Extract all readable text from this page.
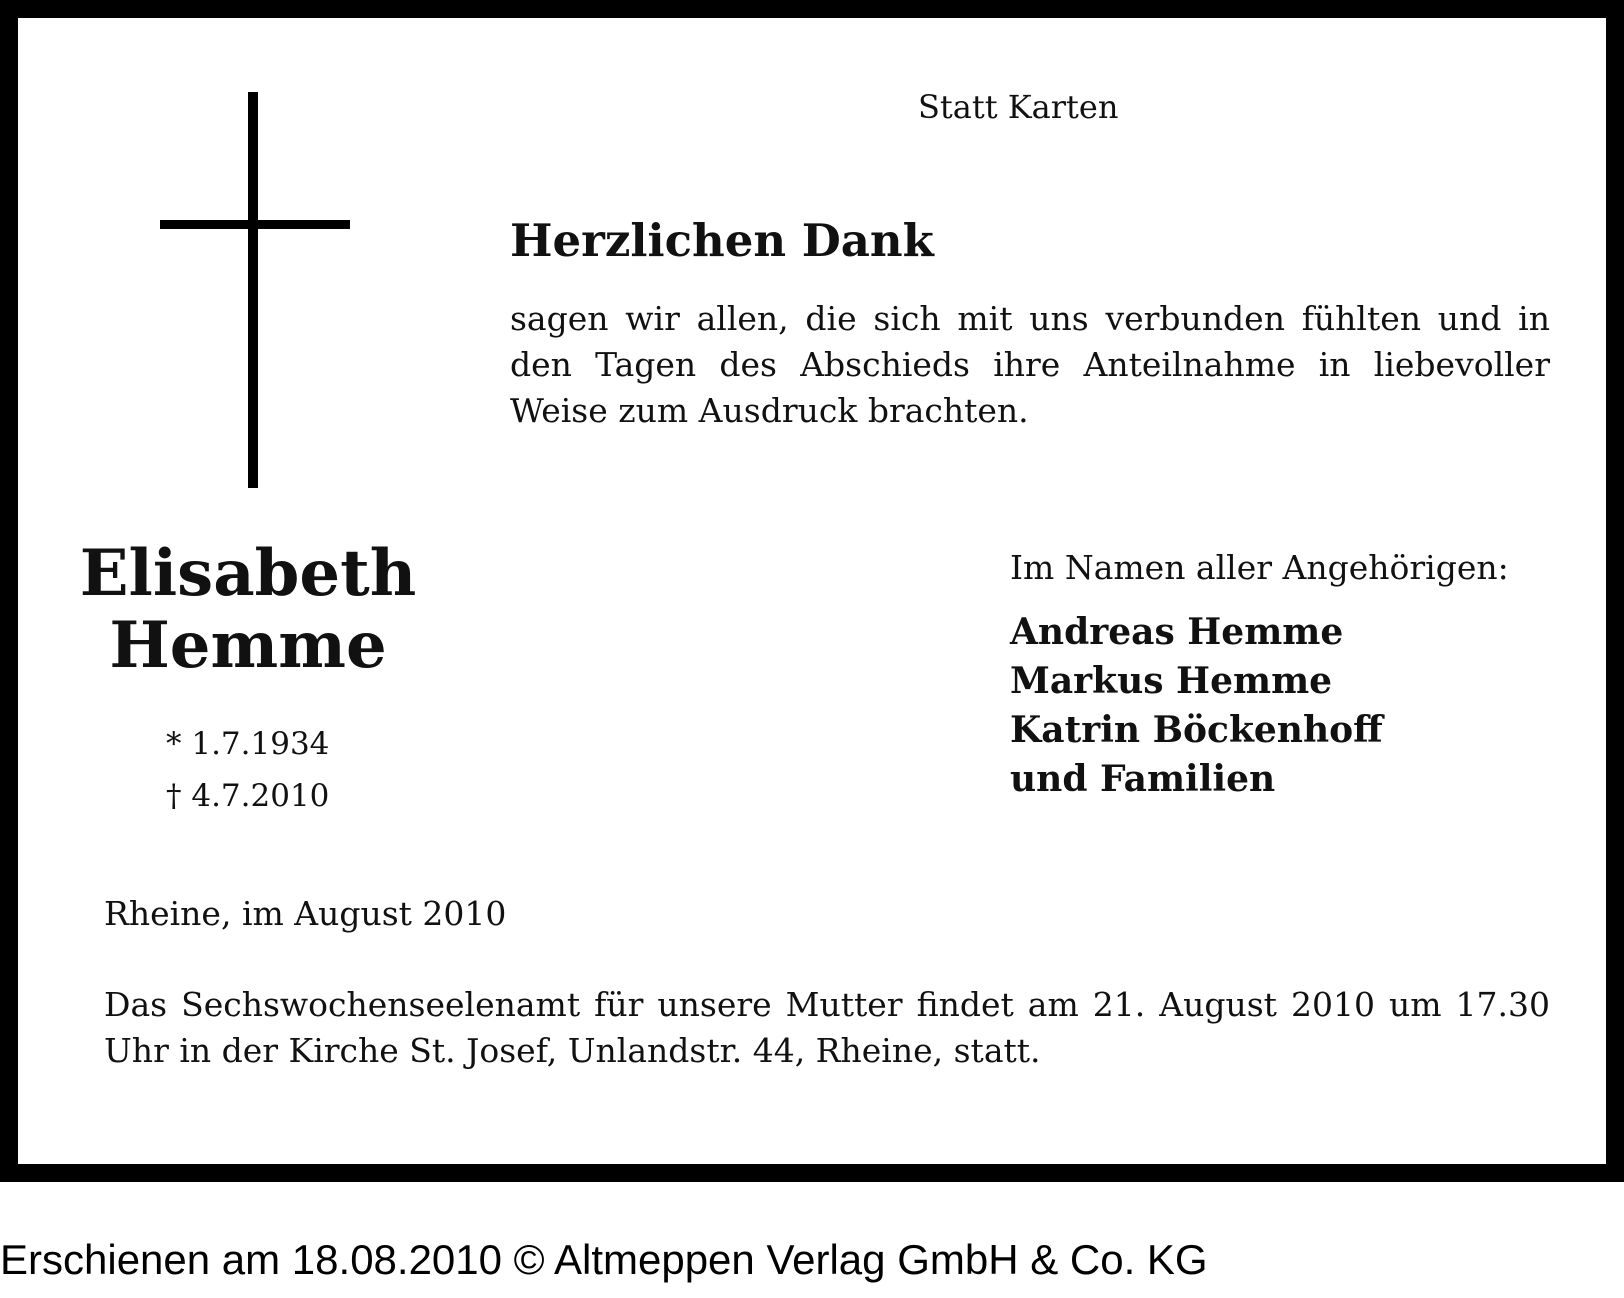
Statt Karten

Herzlichen Dank

sagen wir allen, die sich mit uns verbunden fühlten und in den Tagen des Abschieds ihre Anteilnahme in liebevoller Weise zum Ausdruck brachten.

Elisabeth
Hemme
* 1.7.1934
† 4.7.2010

Im Namen aller Angehörigen:

Andreas Hemme
Markus Hemme
Katrin Böckenhoff
und Familien

Rheine, im August 2010

Das Sechswochenseelenamt für unsere Mutter findet am 21. August 2010 um 17.30 Uhr in der Kirche St. Josef, Unlandstr. 44, Rheine, statt.

Erschienen am 18.08.2010 © Altmeppen Verlag GmbH & Co. KG
